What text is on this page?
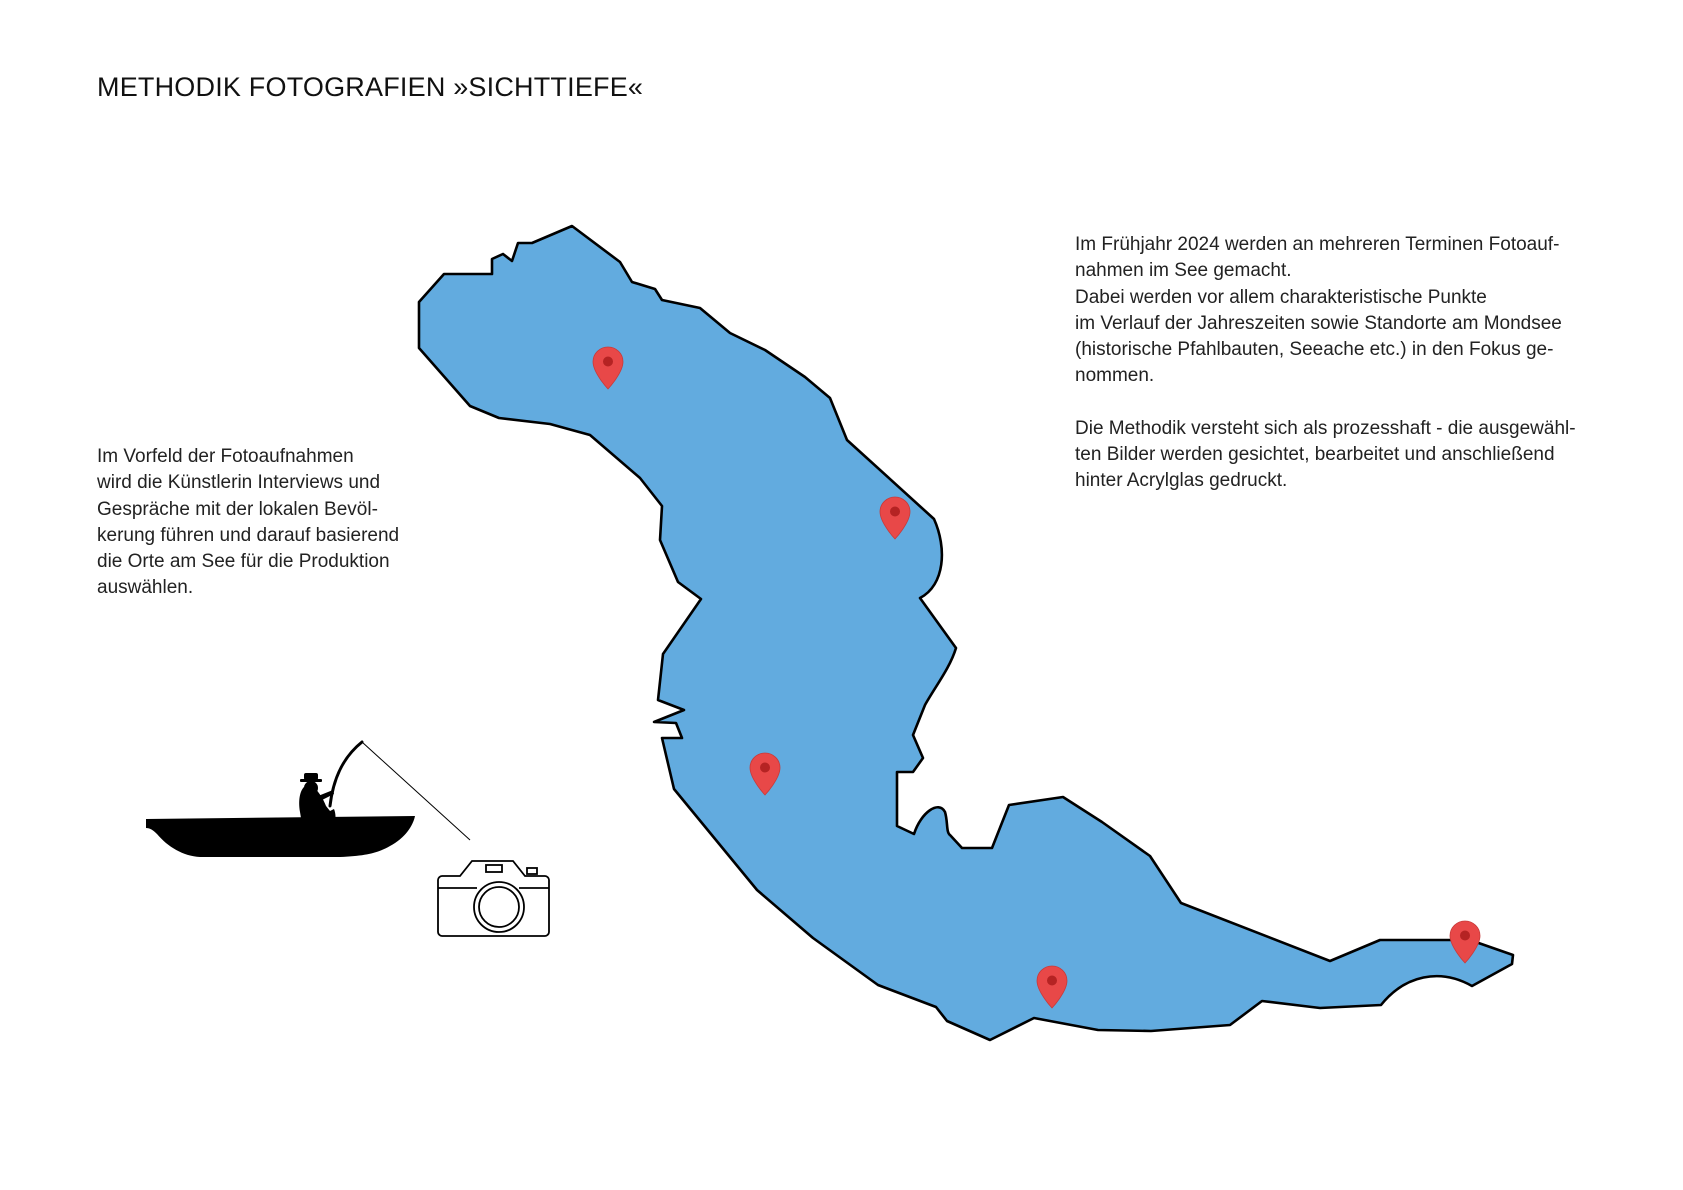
METHODIK FOTOGRAFIEN »SICHTTIEFE«

Im Vorfeld der Fotoaufnahmen
wird die Künstlerin Interviews und
Gespräche mit der lokalen Bevöl-
kerung führen und darauf basierend
die Orte am See für die Produktion
auswählen.

Im Frühjahr 2024 werden an mehreren Terminen Fotoauf-
nahmen im See gemacht.
Dabei werden vor allem charakteristische Punkte
im Verlauf der Jahreszeiten sowie Standorte am Mondsee
(historische Pfahlbauten, Seeache etc.) in den Fokus ge-
nommen.

Die Methodik versteht sich als prozesshaft - die ausgewähl-
ten Bilder werden gesichtet, bearbeitet und anschließend
hinter Acrylglas gedruckt.
